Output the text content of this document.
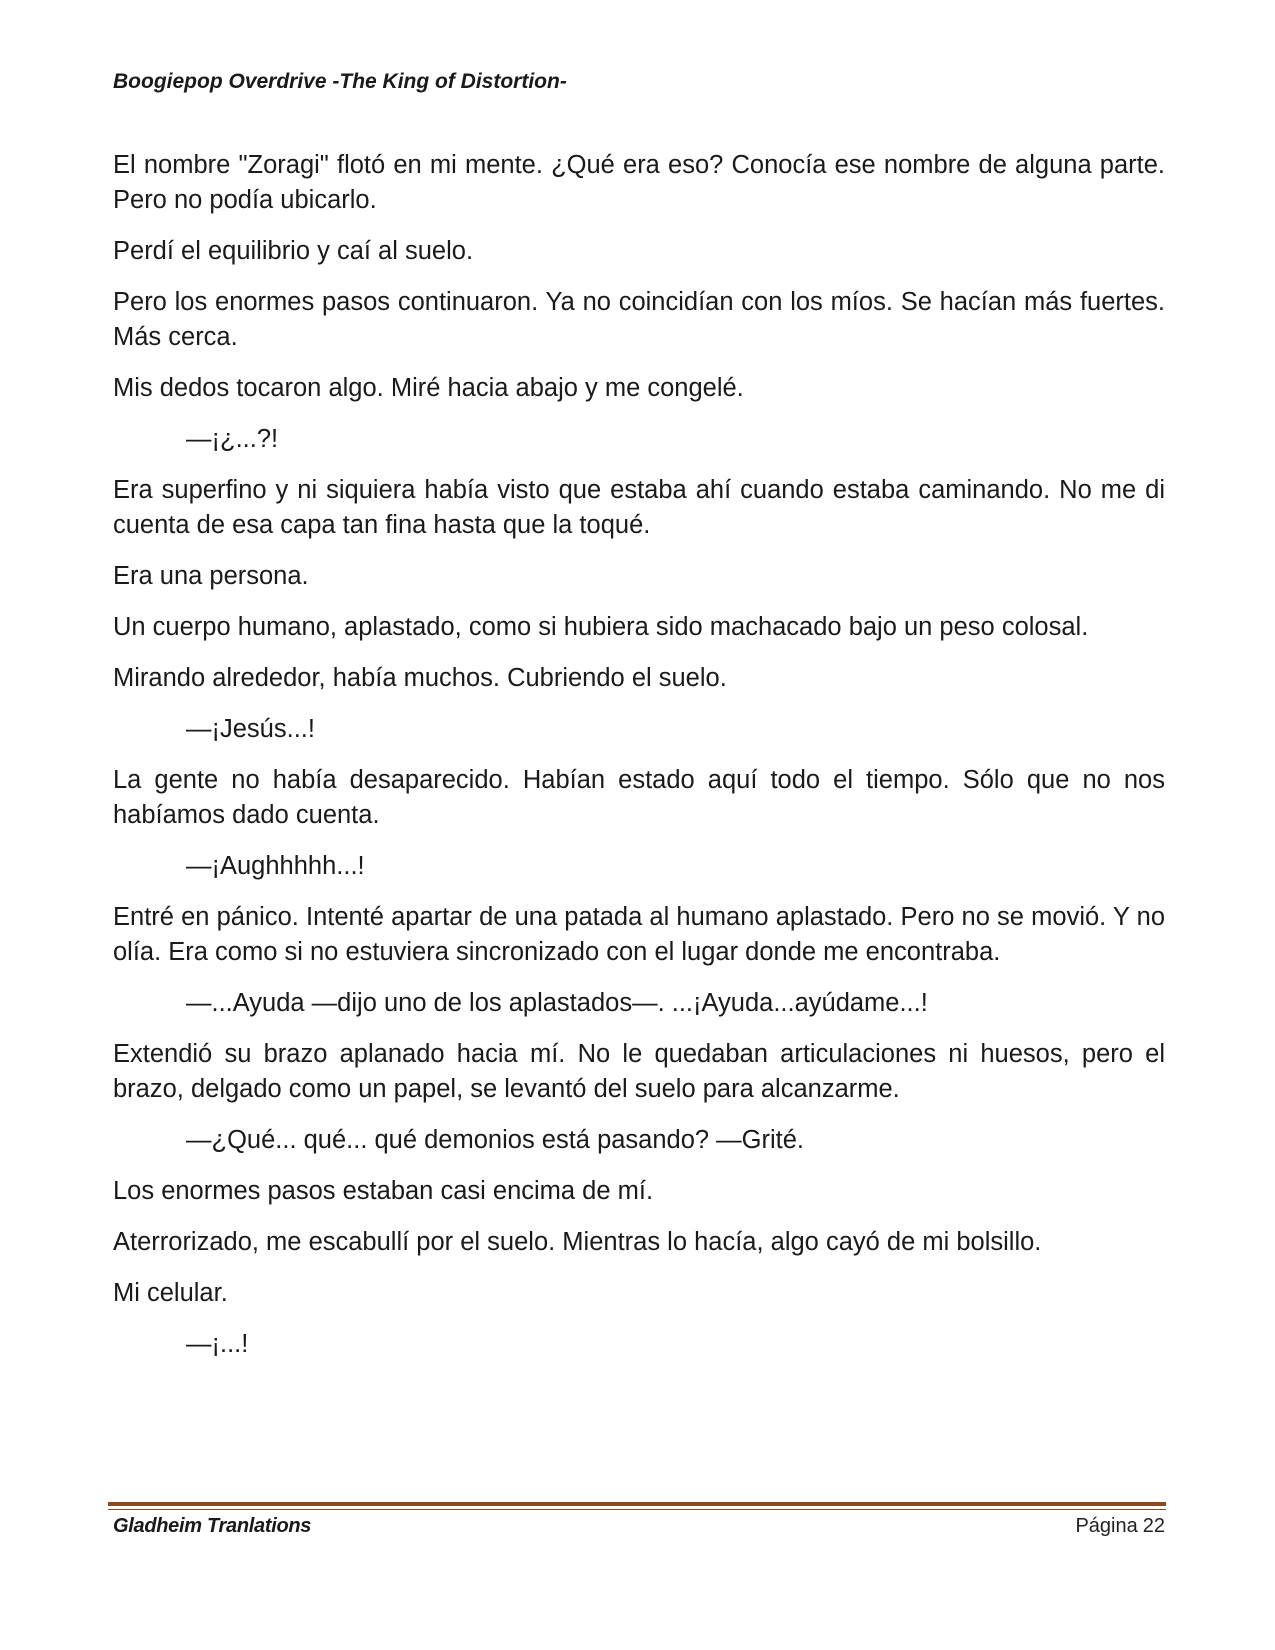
Boogiepop Overdrive -The King of Distortion-

El nombre "Zoragi" flotó en mi mente. ¿Qué era eso? Conocía ese nombre de alguna parte. Pero no podía ubicarlo.

Perdí el equilibrio y caí al suelo.

Pero los enormes pasos continuaron. Ya no coincidían con los míos. Se hacían más fuertes. Más cerca.

Mis dedos tocaron algo. Miré hacia abajo y me congelé.

—¡¿...?!

Era superfino y ni siquiera había visto que estaba ahí cuando estaba caminando. No me di cuenta de esa capa tan fina hasta que la toqué.

Era una persona.

Un cuerpo humano, aplastado, como si hubiera sido machacado bajo un peso colosal.

Mirando alrededor, había muchos. Cubriendo el suelo.

—¡Jesús...!

La gente no había desaparecido. Habían estado aquí todo el tiempo. Sólo que no nos habíamos dado cuenta.

—¡Aughhhhh...!

Entré en pánico. Intenté apartar de una patada al humano aplastado. Pero no se movió. Y no olía. Era como si no estuviera sincronizado con el lugar donde me encontraba.

—...Ayuda —dijo uno de los aplastados—. ...¡Ayuda...ayúdame...!

Extendió su brazo aplanado hacia mí. No le quedaban articulaciones ni huesos, pero el brazo, delgado como un papel, se levantó del suelo para alcanzarme.

—¿Qué... qué... qué demonios está pasando? —Grité.

Los enormes pasos estaban casi encima de mí.

Aterrorizado, me escabullí por el suelo. Mientras lo hacía, algo cayó de mi bolsillo.

Mi celular.

—¡...!

Gladheim Tranlations	Página 22
